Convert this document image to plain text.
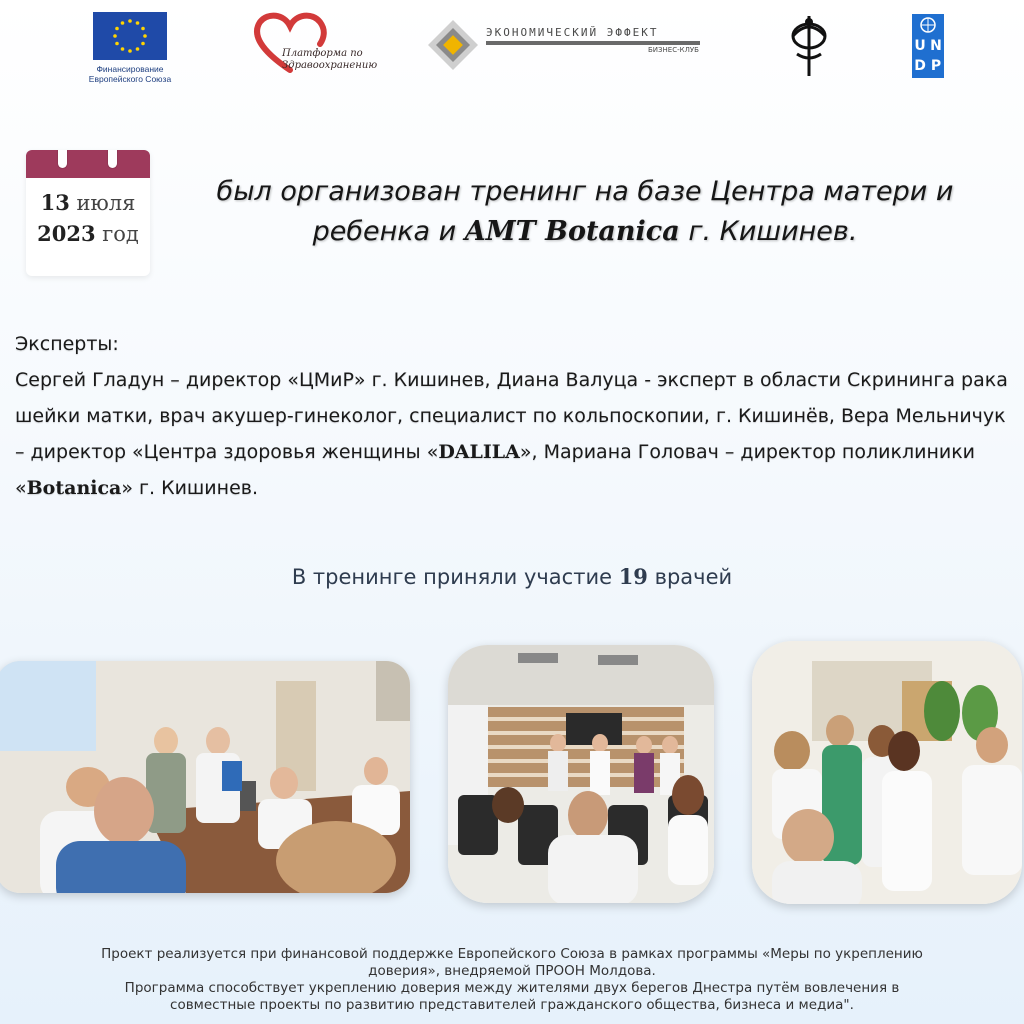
Финансирование
Европейского Союза
Платформа по
Здравоохранению
ЭКОНОМИЧЕСКИЙ ЭФФЕКТ
БИЗНЕС-КЛУБ	U N
D P
13 июля
2023 год
был организован тренинг на базе Центра матери и
ребенка и AMT Botanica г. Кишинев.
Эксперты:
Сергей Гладун – директор «ЦМиР» г. Кишинев, Диана Валуца - эксперт в области Скрининга рака шейки матки, врач акушер-гинеколог, специалист по кольпоскопии, г. Кишинёв, Вера Мельничук – директор «Центра здоровья женщины «DALILA», Мариана Головач – директор поликлиники «Botanica» г. Кишинев.
В тренинге приняли участие 19 врачей
Проект реализуется при финансовой поддержке Европейского Союза в рамках программы «Меры по укреплению
доверия», внедряемой ПРООН Молдова.
Программа способствует укреплению доверия между жителями двух берегов Днестра путём вовлечения в
совместные проекты по развитию представителей гражданского общества, бизнеса и медиа".
